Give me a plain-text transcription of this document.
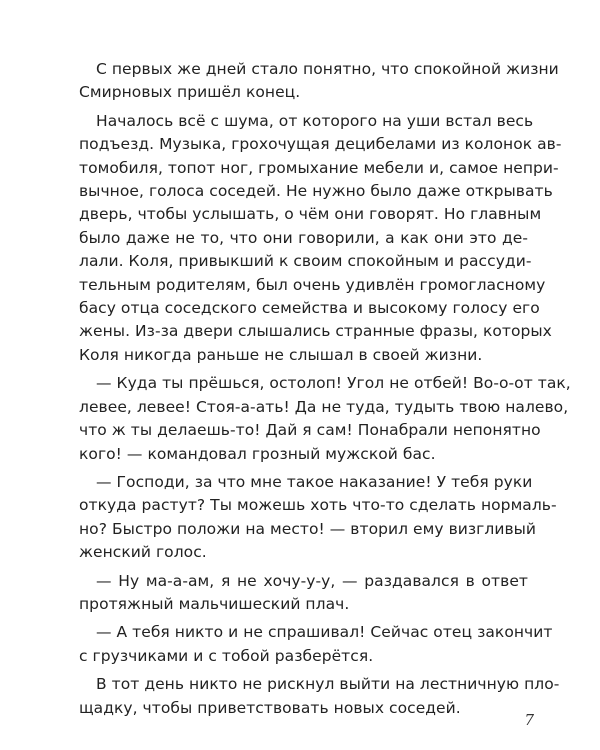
С первых же дней стало понятно, что спокойной жизни
Смирновых пришёл конец.

Началось всё с шума, от которого на уши встал весь
подъезд. Музыка, грохочущая децибелами из колонок ав-
томобиля, топот ног, громыхание мебели и, самое непри-
вычное, голоса соседей. Не нужно было даже открывать
дверь, чтобы услышать, о чём они говорят. Но главным
было даже не то, что они говорили, а как они это де-
лали. Коля, привыкший к своим спокойным и рассуди-
тельным родителям, был очень удивлён громогласному
басу отца соседского семейства и высокому голосу его
жены. Из-за двери слышались странные фразы, которых
Коля никогда раньше не слышал в своей жизни.

— Куда ты прёшься, остолоп! Угол не отбей! Во-о-от так,
левее, левее! Стоя-а-ать! Да не туда, тудыть твою налево,
что ж ты делаешь-то! Дай я сам! Понабрали непонятно
кого! — командовал грозный мужской бас.

— Господи, за что мне такое наказание! У тебя руки
откуда растут? Ты можешь хоть что-то сделать нормаль-
но? Быстро положи на место! — вторил ему визгливый
женский голос.

— Ну ма-а-ам, я не хочу-у-у, — раздавался в ответ
протяжный мальчишеский плач.

— А тебя никто и не спрашивал! Сейчас отец закончит
с грузчиками и с тобой разберётся.

В тот день никто не рискнул выйти на лестничную пло-
щадку, чтобы приветствовать новых соседей.

7
